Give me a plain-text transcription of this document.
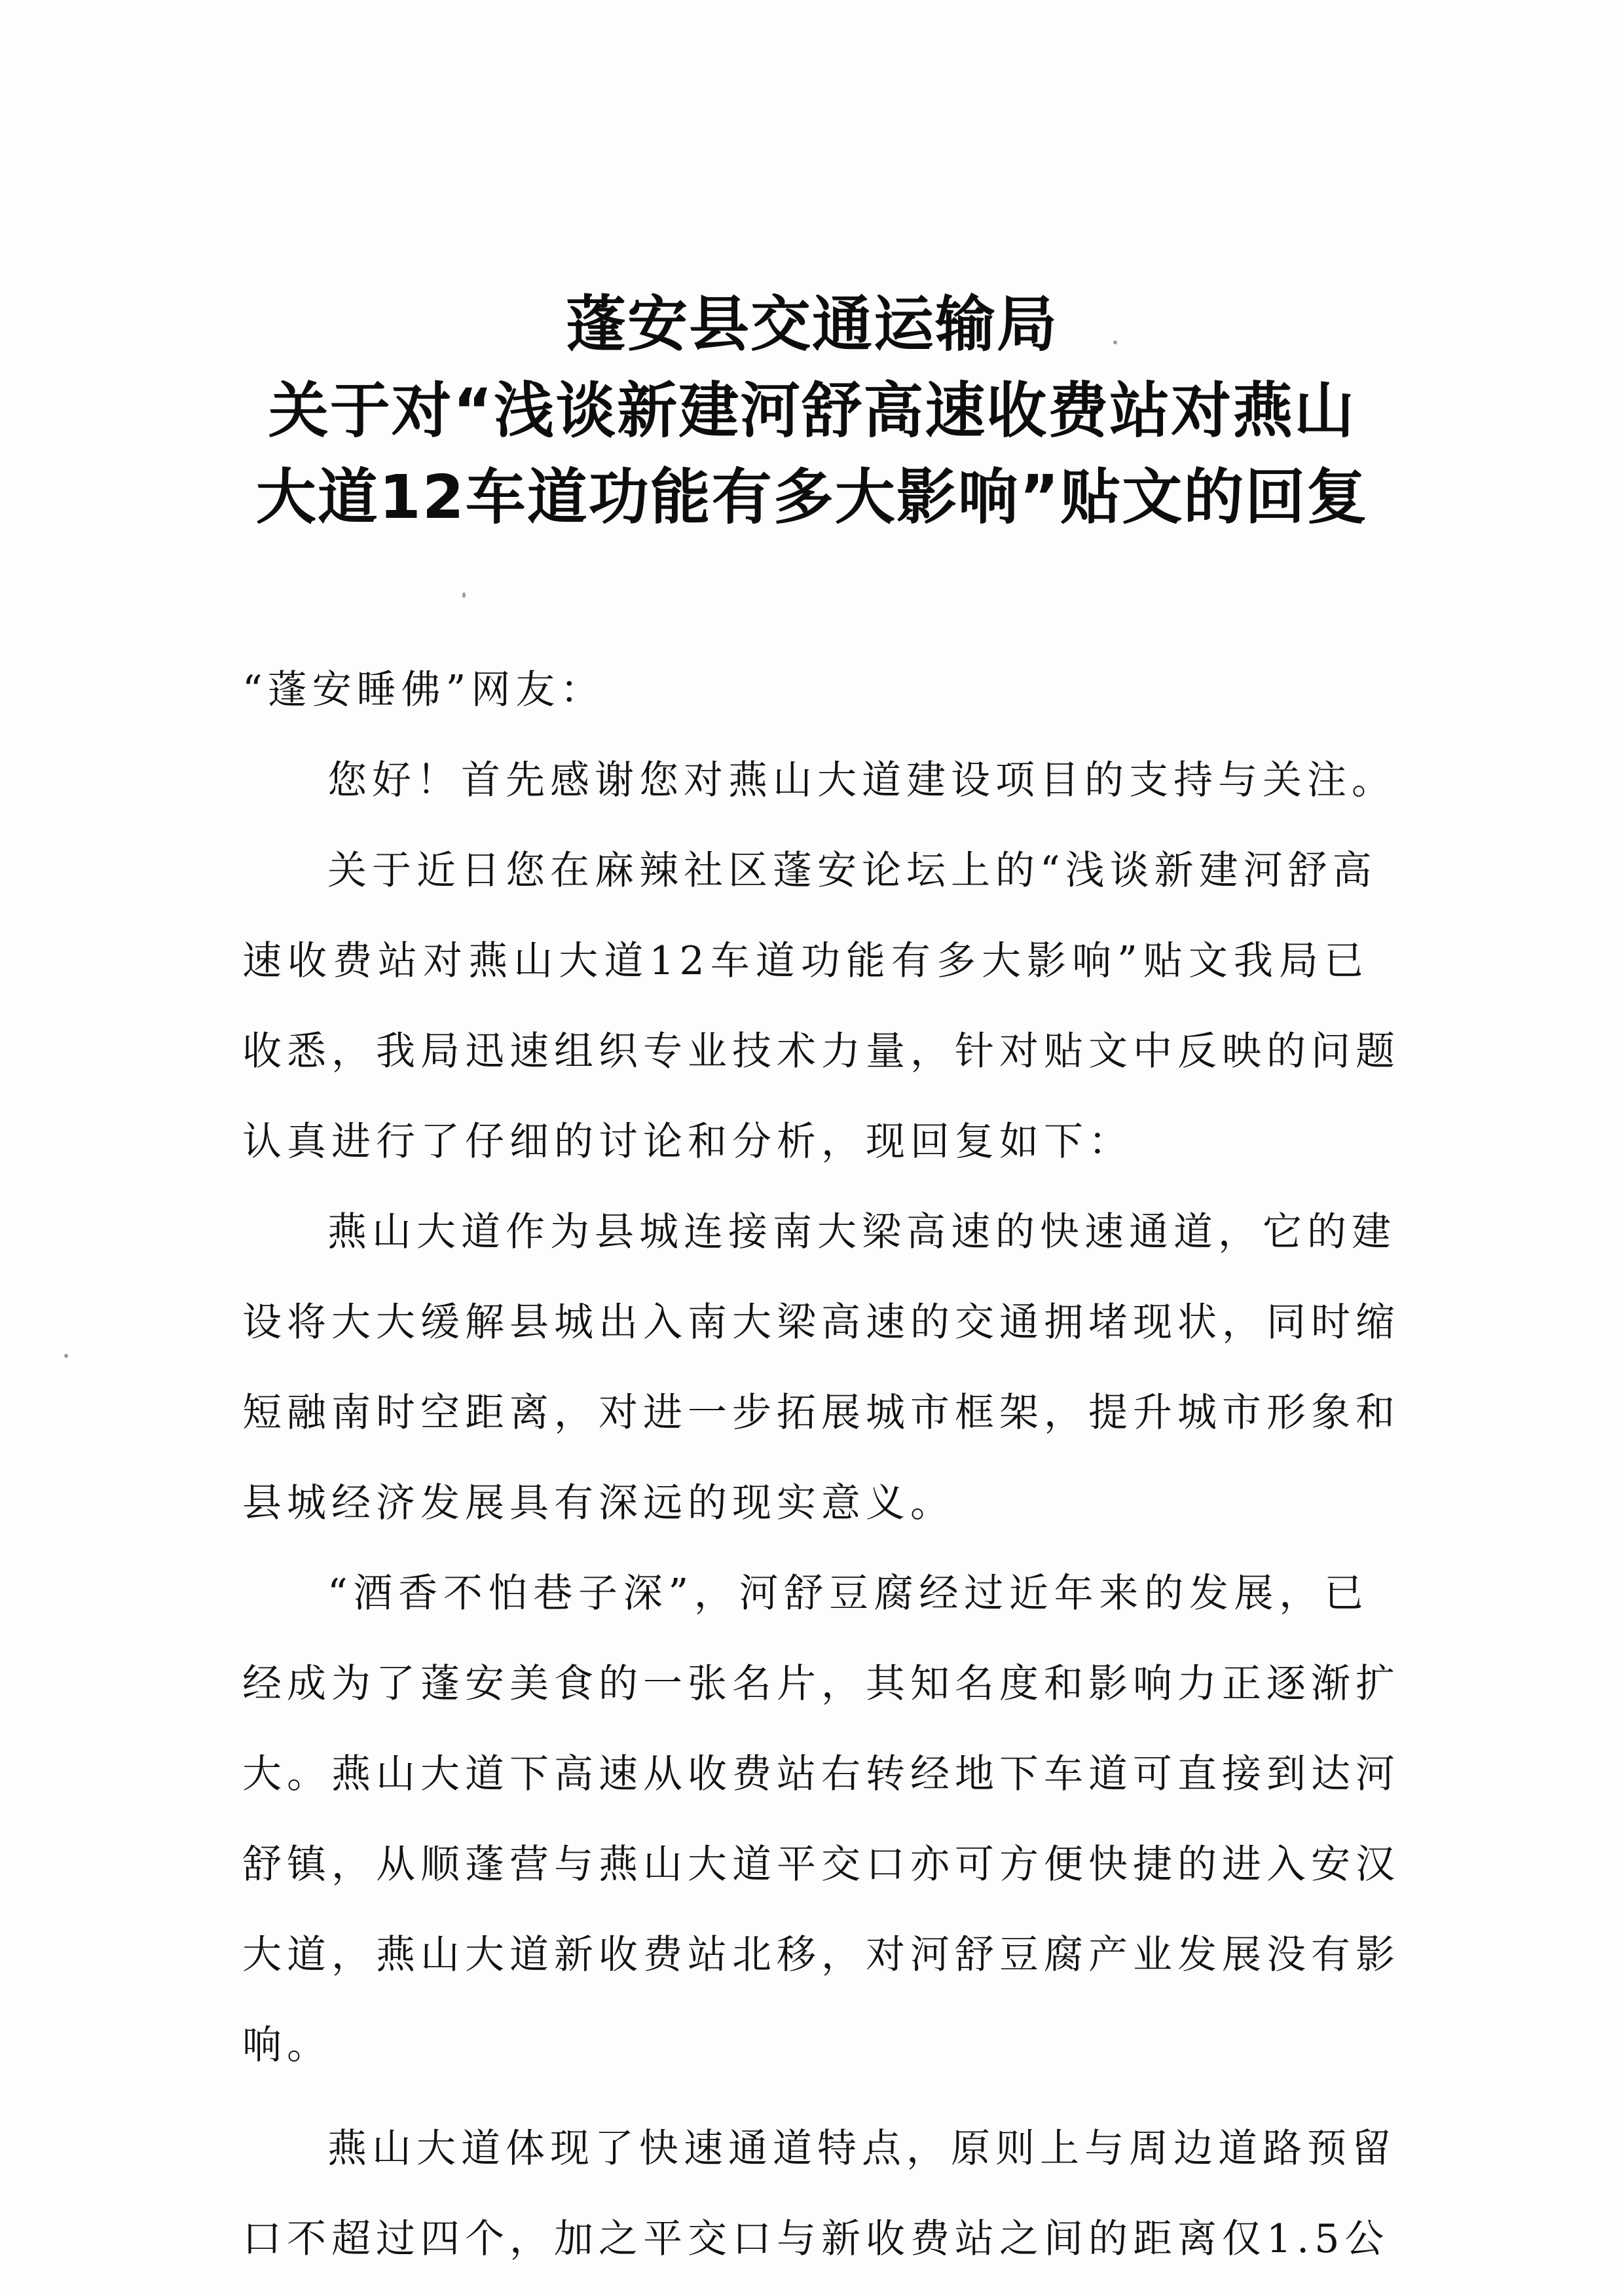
蓬安县交通运输局
关于对“浅谈新建河舒高速收费站对燕山
大道12车道功能有多大影响”贴文的回复
“蓬安睡佛”网友：
您好！首先感谢您对燕山大道建设项目的支持与关注。
关于近日您在麻辣社区蓬安论坛上的“浅谈新建河舒高
速收费站对燕山大道12车道功能有多大影响”贴文我局已
收悉，我局迅速组织专业技术力量，针对贴文中反映的问题
认真进行了仔细的讨论和分析，现回复如下：
燕山大道作为县城连接南大梁高速的快速通道，它的建
设将大大缓解县城出入南大梁高速的交通拥堵现状，同时缩
短融南时空距离，对进一步拓展城市框架，提升城市形象和
县城经济发展具有深远的现实意义。
“酒香不怕巷子深”，河舒豆腐经过近年来的发展，已
经成为了蓬安美食的一张名片，其知名度和影响力正逐渐扩
大。燕山大道下高速从收费站右转经地下车道可直接到达河
舒镇，从顺蓬营与燕山大道平交口亦可方便快捷的进入安汉
大道，燕山大道新收费站北移，对河舒豆腐产业发展没有影
响。
燕山大道体现了快速通道特点，原则上与周边道路预留
口不超过四个，加之平交口与新收费站之间的距离仅1.5公
